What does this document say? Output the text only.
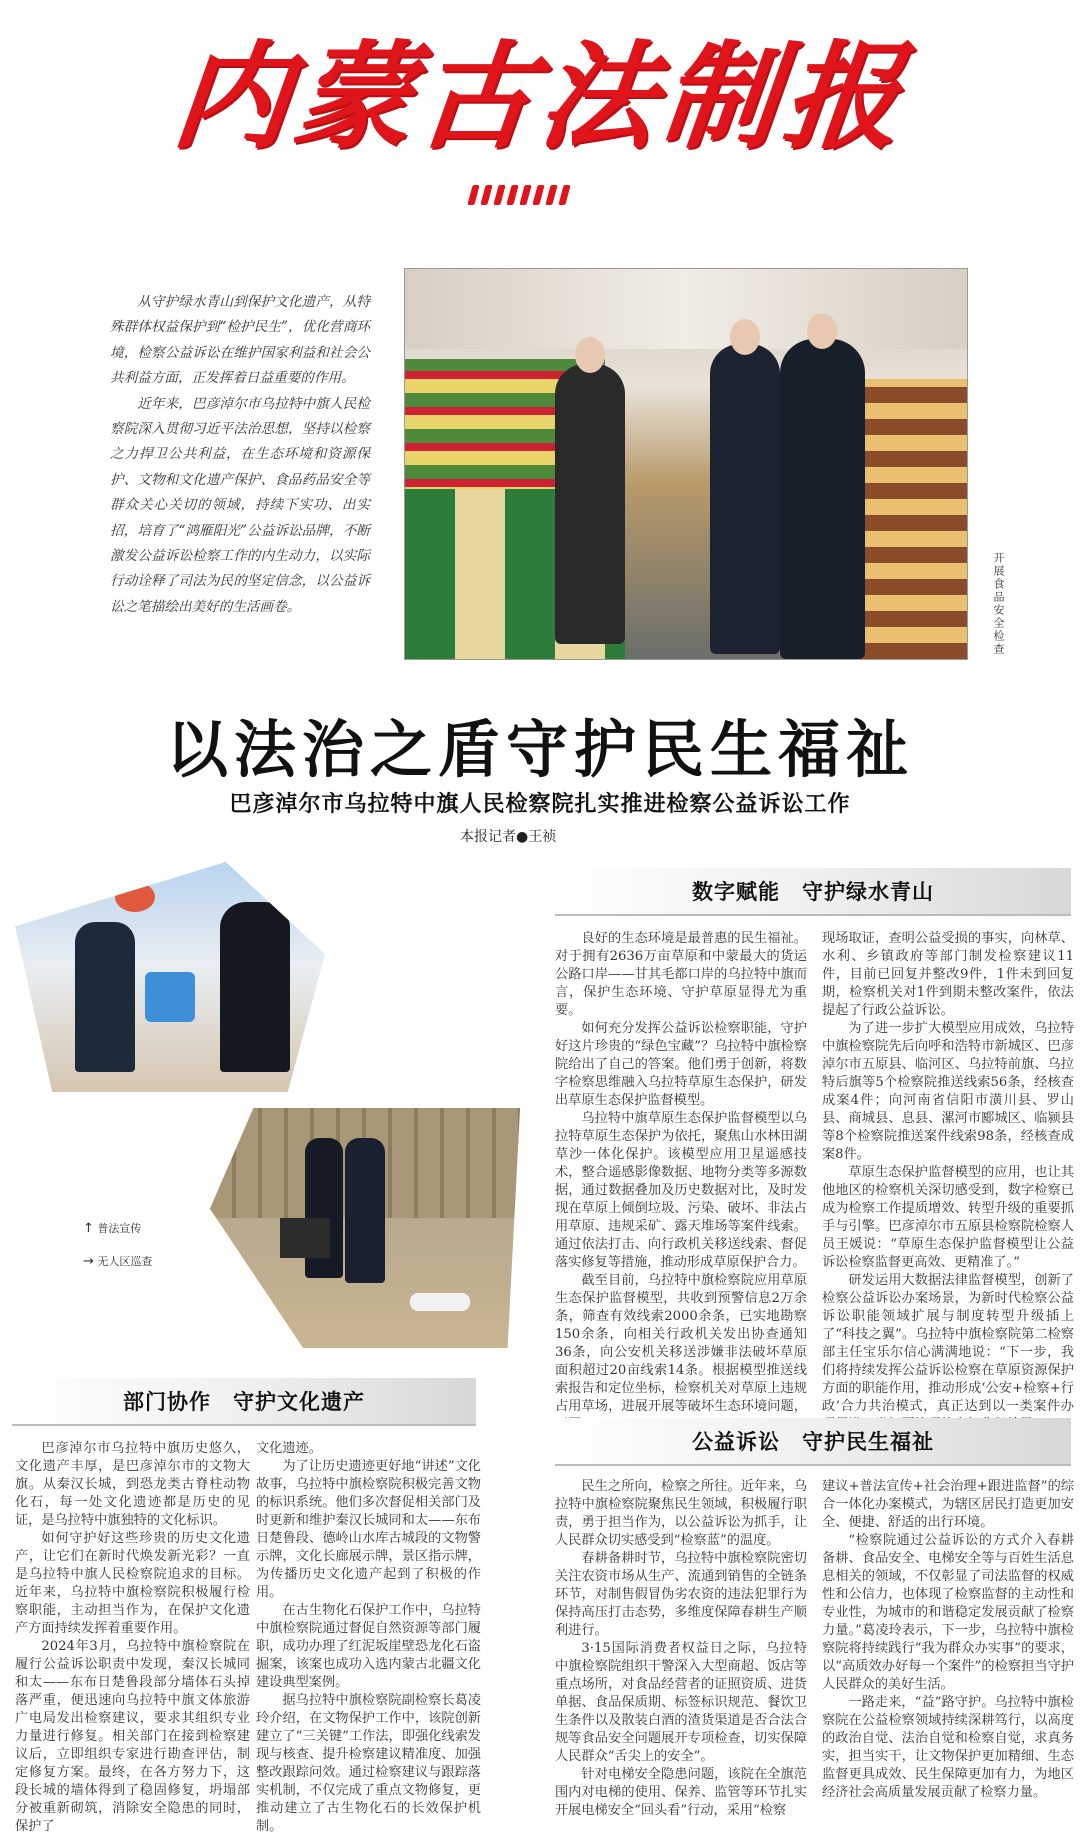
内蒙古法制报

从守护绿水青山到保护文化遗产，从特殊群体权益保护到“检护民生”，优化营商环境，检察公益诉讼在维护国家利益和社会公共利益方面，正发挥着日益重要的作用。

近年来，巴彦淖尔市乌拉特中旗人民检察院深入贯彻习近平法治思想，坚持以检察之力捍卫公共利益，在生态环境和资源保护、文物和文化遗产保护、食品药品安全等群众关心关切的领域，持续下实功、出实招，培育了“鸿雁阳光”公益诉讼品牌，不断激发公益诉讼检察工作的内生动力，以实际行动诠释了司法为民的坚定信念，以公益诉讼之笔描绘出美好的生活画卷。	开展食品安全检查
以法治之盾守护民生福祉
巴彦淖尔市乌拉特中旗人民检察院扎实推进检察公益诉讼工作
本报记者●王祯
↑ 普法宣传
→ 无人区巡查
数字赋能　守护绿水青山

良好的生态环境是最普惠的民生福祉。对于拥有2636万亩草原和中蒙最大的货运公路口岸——甘其毛都口岸的乌拉特中旗而言，保护生态环境、守护草原显得尤为重要。

如何充分发挥公益诉讼检察职能，守护好这片珍贵的“绿色宝藏”？乌拉特中旗检察院给出了自己的答案。他们勇于创新，将数字检察思维融入乌拉特草原生态保护，研发出草原生态保护监督模型。

乌拉特中旗草原生态保护监督模型以乌拉特草原生态保护为依托，聚焦山水林田湖草沙一体化保护。该模型应用卫星遥感技术，整合遥感影像数据、地物分类等多源数据，通过数据叠加及历史数据对比，及时发现在草原上倾倒垃圾、污染、破坏、非法占用草原、违规采矿、露天堆场等案件线索。通过依法打击、向行政机关移送线索、督促落实修复等措施，推动形成草原保护合力。

截至目前，乌拉特中旗检察院应用草原生态保护监督模型，共收到预警信息2万余条，筛查有效线索2000余条，已实地勘察150余条，向相关行政机关发出协查通知36条，向公安机关移送涉嫌非法破坏草原面积超过20亩线索14条。根据模型推送线索报告和定位坐标，检察机关对草原上违规占用草场，进展开展等破坏生态环境问题，

现场取证，查明公益受损的事实，向林草、水利、乡镇政府等部门制发检察建议11件，目前已回复并整改9件，1件未到回复期，检察机关对1件到期未整改案件，依法提起了行政公益诉讼。

为了进一步扩大模型应用成效，乌拉特中旗检察院先后向呼和浩特市新城区、巴彦淖尔市五原县、临河区、乌拉特前旗、乌拉特后旗等5个检察院推送线索56条，经核查成案4件；向河南省信阳市潢川县、罗山县、商城县、息县、漯河市郾城区、临颍县等8个检察院推送案件线索98条，经核查成案8件。

草原生态保护监督模型的应用，也让其他地区的检察机关深切感受到，数字检察已成为检察工作提质增效、转型升级的重要抓手与引擎。巴彦淖尔市五原县检察院检察人员王媛说：“草原生态保护监督模型让公益诉讼检察监督更高效、更精准了。”

研发运用大数据法律监督模型，创新了检察公益诉讼办案场景，为新时代检察公益诉讼职能领域扩展与制度转型升级插上了“科技之翼”。乌拉特中旗检察院第二检察部主任宝乐尔信心满满地说：“下一步，我们将持续发挥公益诉讼检察在草原资源保护方面的职能作用，推动形成‘公安+检察+行政’合力共治模式，真正达到以一类案件办

部门协作　守护文化遗产

巴彦淖尔市乌拉特中旗历史悠久，文化遗产丰厚，是巴彦淖尔市的文物大旗。从秦汉长城，到恐龙类古脊柱动物化石，每一处文化遗迹都是历史的见证，是乌拉特中旗独特的文化标识。

如何守护好这些珍贵的历史文化遗产，让它们在新时代焕发新光彩？一直是乌拉特中旗人民检察院追求的目标。近年来，乌拉特中旗检察院积极履行检察职能，主动担当作为，在保护文化遗产方面持续发挥着重要作用。

2024年3月，乌拉特中旗检察院在履行公益诉讼职责中发现，秦汉长城同和太——东布日楚鲁段部分墙体石头掉落严重，便迅速向乌拉特中旗文体旅游广电局发出检察建议，要求其组织专业力量进行修复。相关部门在接到检察建议后，立即组织专家进行勘查评估，制定修复方案。最终，在各方努力下，这段长城的墙体得到了稳固修复，坍塌部分被重新砌筑，消除安全隐患的同时，保护了

文化遗迹。

为了让历史遗迹更好地“讲述”文化故事，乌拉特中旗检察院积极完善文物的标识系统。他们多次督促相关部门及时更新和维护秦汉长城同和太——东布日楚鲁段、德岭山水库古城段的文物警示牌，文化长廊展示牌，景区指示牌，为传播历史文化遗产起到了积极的作用。

在古生物化石保护工作中，乌拉特中旗检察院通过督促自然资源等部门履职，成功办理了红泥坂崖壁恐龙化石盗掘案，该案也成功入选内蒙古北疆文化建设典型案例。

据乌拉特中旗检察院副检察长葛凌玲介绍，在文物保护工作中，该院创新建立了“三关键”工作法，即强化线索发现与核查、提升检察建议精准度、加强整改跟踪问效。通过检察建议与跟踪落实机制，不仅完成了重点文物修复，更推动建立了古生物化石的长效保护机制。

公益诉讼　守护民生福祉

民生之所向，检察之所往。近年来，乌拉特中旗检察院聚焦民生领域，积极履行职责，勇于担当作为，以公益诉讼为抓手，让人民群众切实感受到“检察蓝”的温度。

春耕备耕时节，乌拉特中旗检察院密切关注农资市场从生产、流通到销售的全链条环节，对制售假冒伪劣农资的违法犯罪行为保持高压打击态势，多维度保障春耕生产顺利进行。

3·15国际消费者权益日之际，乌拉特中旗检察院组织干警深入大型商超、饭店等重点场所，对食品经营者的证照资质、进货单据、食品保质期、标签标识规范、餐饮卫生条件以及散装白酒的渣货渠道是否合法合规等食品安全问题展开专项检查，切实保障人民群众“舌尖上的安全”。

针对电梯安全隐患问题，该院在全旗范围内对电梯的使用、保养、监管等环节扎实开展电梯安全“回头看”行动，采用“检察

建议+普法宣传+社会治理+跟进监督”的综合一体化办案模式，为辖区居民打造更加安全、便捷、舒适的出行环境。

“检察院通过公益诉讼的方式介入春耕备耕、食品安全、电梯安全等与百姓生活息息相关的领域，不仅彰显了司法监督的权威性和公信力，也体现了检察监督的主动性和专业性，为城市的和谐稳定发展贡献了检察力量。”葛凌玲表示，下一步，乌拉特中旗检察院将持续践行“我为群众办实事”的要求，以“高质效办好每一个案件”的检察担当守护人民群众的美好生活。

一路走来，“益”路守护。乌拉特中旗检察院在公益检察领域持续深耕笃行，以高度的政治自觉、法治自觉和检察自觉，求真务实，担当实干，让文物保护更加精细、生态监督更具成效、民生保障更加有力，为地区经济社会高质量发展贡献了检察力量。
